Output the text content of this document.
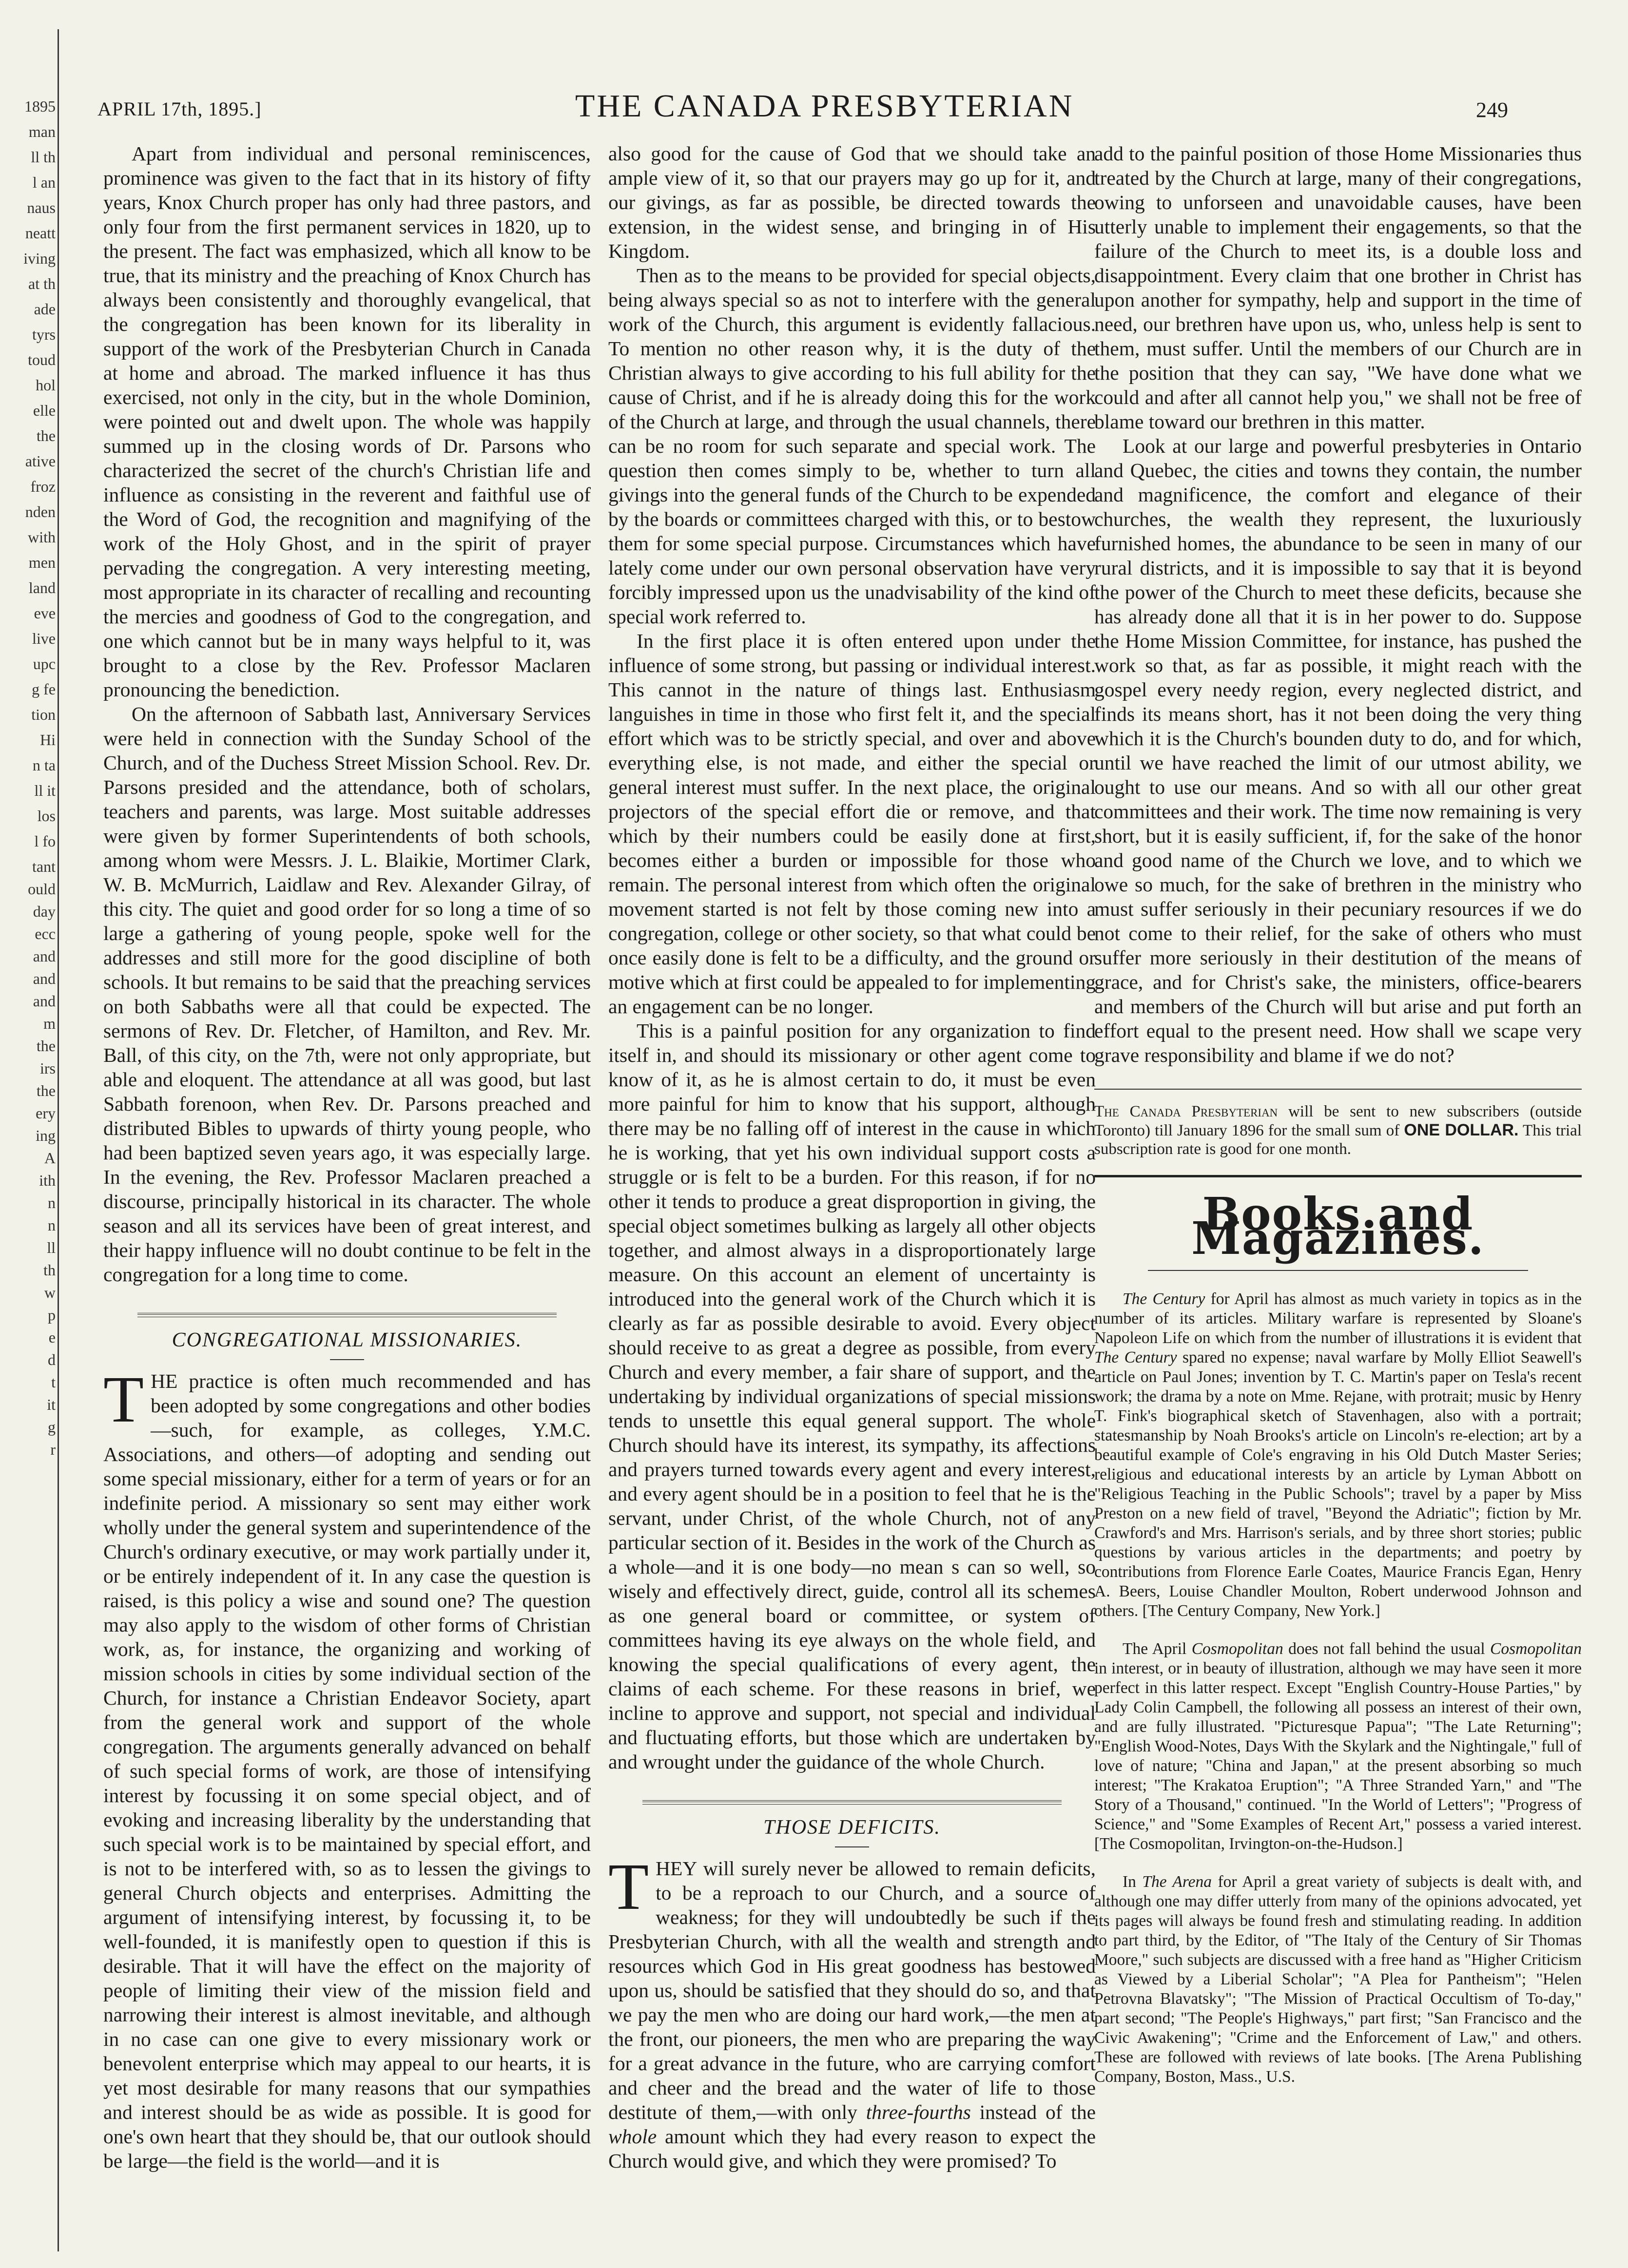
1895
man
ll th
l an
naus
neatt
iving
at th
ade
tyrs
toud
hol
elle
the
ative
froz
nden
with
men
land
eve
live
upc
g fe
tion
Hi
n ta
ll it
los
l fo
tant
ould
day
ecc
and
and
and
m
the
irs
the
ery
ing
A
ith
n
n
ll
th
w
p
e
d
t
it
g
r
APRIL 17th, 1895.]	THE CANADA PRESBYTERIAN	249

Apart from individual and personal reminiscences, prominence was given to the fact that in its history of fifty years, Knox Church proper has only had three pastors, and only four from the first permanent services in 1820, up to the present. The fact was emphasized, which all know to be true, that its ministry and the preaching of Knox Church has always been consistently and thoroughly evangelical, that the congregation has been known for its liberality in support of the work of the Presbyterian Church in Canada at home and abroad. The marked influence it has thus exercised, not only in the city, but in the whole Dominion, were pointed out and dwelt upon. The whole was happily summed up in the closing words of Dr. Parsons who characterized the secret of the church's Christian life and influence as consisting in the reverent and faithful use of the Word of God, the recognition and magnifying of the work of the Holy Ghost, and in the spirit of prayer pervading the congregation. A very interesting meeting, most appropriate in its character of recalling and recounting the mercies and goodness of God to the congregation, and one which cannot but be in many ways helpful to it, was brought to a close by the Rev. Professor Maclaren pronouncing the benediction.

On the afternoon of Sabbath last, Anniversary Services were held in connection with the Sunday School of the Church, and of the Duchess Street Mission School. Rev. Dr. Parsons presided and the attendance, both of scholars, teachers and parents, was large. Most suitable addresses were given by former Superintendents of both schools, among whom were Messrs. J. L. Blaikie, Mortimer Clark, W. B. McMurrich, Laidlaw and Rev. Alexander Gilray, of this city. The quiet and good order for so long a time of so large a gathering of young people, spoke well for the addresses and still more for the good discipline of both schools. It but remains to be said that the preaching services on both Sabbaths were all that could be expected. The sermons of Rev. Dr. Fletcher, of Hamilton, and Rev. Mr. Ball, of this city, on the 7th, were not only appropriate, but able and eloquent. The attendance at all was good, but last Sabbath forenoon, when Rev. Dr. Parsons preached and distributed Bibles to upwards of thirty young people, who had been baptized seven years ago, it was especially large. In the evening, the Rev. Professor Maclaren preached a discourse, principally historical in its character. The whole season and all its services have been of great interest, and their happy influence will no doubt continue to be felt in the congregation for a long time to come.

CONGREGATIONAL MISSIONARIES.

THE practice is often much recommended and has been adopted by some congregations and other bodies—such, for example, as colleges, Y.M.C. Associations, and others—of adopting and sending out some special missionary, either for a term of years or for an indefinite period. A missionary so sent may either work wholly under the general system and superintendence of the Church's ordinary executive, or may work partially under it, or be entirely independent of it. In any case the question is raised, is this policy a wise and sound one? The question may also apply to the wisdom of other forms of Christian work, as, for instance, the organizing and working of mission schools in cities by some individual section of the Church, for instance a Christian Endeavor Society, apart from the general work and support of the whole congregation. The arguments generally advanced on behalf of such special forms of work, are those of intensifying interest by focussing it on some special object, and of evoking and increasing liberality by the understanding that such special work is to be maintained by special effort, and is not to be interfered with, so as to lessen the givings to general Church objects and enterprises. Admitting the argument of intensifying interest, by focussing it, to be well-founded, it is manifestly open to question if this is desirable. That it will have the effect on the majority of people of limiting their view of the mission field and narrowing their interest is almost inevitable, and although in no case can one give to every missionary work or benevolent enterprise which may appeal to our hearts, it is yet most desirable for many reasons that our sympathies and interest should be as wide as possible. It is good for one's own heart that they should be, that our outlook should be large—the field is the world—and it is

also good for the cause of God that we should take an ample view of it, so that our prayers may go up for it, and our givings, as far as possible, be directed towards the extension, in the widest sense, and bringing in of His Kingdom.

Then as to the means to be provided for special objects, being always special so as not to interfere with the general work of the Church, this argument is evidently fallacious. To mention no other reason why, it is the duty of the Christian always to give according to his full ability for the cause of Christ, and if he is already doing this for the work of the Church at large, and through the usual channels, there can be no room for such separate and special work. The question then comes simply to be, whether to turn all givings into the general funds of the Church to be expended by the boards or committees charged with this, or to bestow them for some special purpose. Circumstances which have lately come under our own personal observation have very forcibly impressed upon us the unadvisability of the kind of special work referred to.

In the first place it is often entered upon under the influence of some strong, but passing or individual interest. This cannot in the nature of things last. Enthusiasm languishes in time in those who first felt it, and the special effort which was to be strictly special, and over and above everything else, is not made, and either the special or general interest must suffer. In the next place, the original projectors of the special effort die or remove, and that which by their numbers could be easily done at first, becomes either a burden or impossible for those who remain. The personal interest from which often the original movement started is not felt by those coming new into a congregation, college or other society, so that what could be once easily done is felt to be a difficulty, and the ground or motive which at first could be appealed to for implementing an engagement can be no longer.

This is a painful position for any organization to find itself in, and should its missionary or other agent come to know of it, as he is almost certain to do, it must be even more painful for him to know that his support, although there may be no falling off of interest in the cause in which he is working, that yet his own individual support costs a struggle or is felt to be a burden. For this reason, if for no other it tends to produce a great disproportion in giving, the special object sometimes bulking as largely all other objects together, and almost always in a disproportionately large measure. On this account an element of uncertainty is introduced into the general work of the Church which it is clearly as far as possible desirable to avoid. Every object should receive to as great a degree as possible, from every Church and every member, a fair share of support, and the undertaking by individual organizations of special missions tends to unsettle this equal general support. The whole Church should have its interest, its sympathy, its affections and prayers turned towards every agent and every interest, and every agent should be in a position to feel that he is the servant, under Christ, of the whole Church, not of any particular section of it. Besides in the work of the Church as a whole—and it is one body—no mean s can so well, so wisely and effectively direct, guide, control all its schemes as one general board or committee, or system of committees having its eye always on the whole field, and knowing the special qualifications of every agent, the claims of each scheme. For these reasons in brief, we incline to approve and support, not special and individual and fluctuating efforts, but those which are undertaken by and wrought under the guidance of the whole Church.

THOSE DEFICITS.

THEY will surely never be allowed to remain deficits, to be a reproach to our Church, and a source of weakness; for they will undoubtedly be such if the Presbyterian Church, with all the wealth and strength and resources which God in His great goodness has bestowed upon us, should be satisfied that they should do so, and that we pay the men who are doing our hard work,—the men at the front, our pioneers, the men who are preparing the way for a great advance in the future, who are carrying comfort and cheer and the bread and the water of life to those destitute of them,—with only three-fourths instead of the whole amount which they had every reason to expect the Church would give, and which they were promised? To

add to the painful position of those Home Missionaries thus treated by the Church at large, many of their congregations, owing to unforseen and unavoidable causes, have been utterly unable to implement their engagements, so that the failure of the Church to meet its, is a double loss and disappointment. Every claim that one brother in Christ has upon another for sympathy, help and support in the time of need, our brethren have upon us, who, unless help is sent to them, must suffer. Until the members of our Church are in the position that they can say, "We have done what we could and after all cannot help you," we shall not be free of blame toward our brethren in this matter.

Look at our large and powerful presbyteries in Ontario and Quebec, the cities and towns they contain, the number and magnificence, the comfort and elegance of their churches, the wealth they represent, the luxuriously furnished homes, the abundance to be seen in many of our rural districts, and it is impossible to say that it is beyond the power of the Church to meet these deficits, because she has already done all that it is in her power to do. Suppose the Home Mission Committee, for instance, has pushed the work so that, as far as possible, it might reach with the gospel every needy region, every neglected district, and finds its means short, has it not been doing the very thing which it is the Church's bounden duty to do, and for which, until we have reached the limit of our utmost ability, we ought to use our means. And so with all our other great committees and their work. The time now remaining is very short, but it is easily sufficient, if, for the sake of the honor and good name of the Church we love, and to which we owe so much, for the sake of brethren in the ministry who must suffer seriously in their pecuniary resources if we do not come to their relief, for the sake of others who must suffer more seriously in their destitution of the means of grace, and for Christ's sake, the ministers, office-bearers and members of the Church will but arise and put forth an effort equal to the present need. How shall we scape very grave responsibility and blame if we do not?

The Canada Presbyterian will be sent to new subscribers (outside Toronto) till January 1896 for the small sum of ONE DOLLAR. This trial subscription rate is good for one month.
Books and Magazines.

The Century for April has almost as much variety in topics as in the number of its articles. Military warfare is represented by Sloane's Napoleon Life on which from the number of illustrations it is evident that The Century spared no expense; naval warfare by Molly Elliot Seawell's article on Paul Jones; invention by T. C. Martin's paper on Tesla's recent work; the drama by a note on Mme. Rejane, with protrait; music by Henry T. Fink's biographical sketch of Stavenhagen, also with a portrait; statesmanship by Noah Brooks's article on Lincoln's re-election; art by a beautiful example of Cole's engraving in his Old Dutch Master Series; religious and educational interests by an article by Lyman Abbott on "Religious Teaching in the Public Schools"; travel by a paper by Miss Preston on a new field of travel, "Beyond the Adriatic"; fiction by Mr. Crawford's and Mrs. Harrison's serials, and by three short stories; public questions by various articles in the departments; and poetry by contributions from Florence Earle Coates, Maurice Francis Egan, Henry A. Beers, Louise Chandler Moulton, Robert underwood Johnson and others. [The Century Company, New York.]

The April Cosmopolitan does not fall behind the usual Cosmopolitan in interest, or in beauty of illustration, although we may have seen it more perfect in this latter respect. Except "English Country-House Parties," by Lady Colin Campbell, the following all possess an interest of their own, and are fully illustrated. "Picturesque Papua"; "The Late Returning"; "English Wood-Notes, Days With the Skylark and the Nightingale," full of love of nature; "China and Japan," at the present absorbing so much interest; "The Krakatoa Eruption"; "A Three Stranded Yarn," and "The Story of a Thousand," continued. "In the World of Letters"; "Progress of Science," and "Some Examples of Recent Art," possess a varied interest. [The Cosmopolitan, Irvington-on-the-Hudson.]

In The Arena for April a great variety of subjects is dealt with, and although one may differ utterly from many of the opinions advocated, yet its pages will always be found fresh and stimulating reading. In addition to part third, by the Editor, of "The Italy of the Century of Sir Thomas Moore," such subjects are discussed with a free hand as "Higher Criticism as Viewed by a Liberial Scholar"; "A Plea for Pantheism"; "Helen Petrovna Blavatsky"; "The Mission of Practical Occultism of To-day," part second; "The People's Highways," part first; "San Francisco and the Civic Awakening"; "Crime and the Enforcement of Law," and others. These are followed with reviews of late books. [The Arena Publishing Company, Boston, Mass., U.S.
